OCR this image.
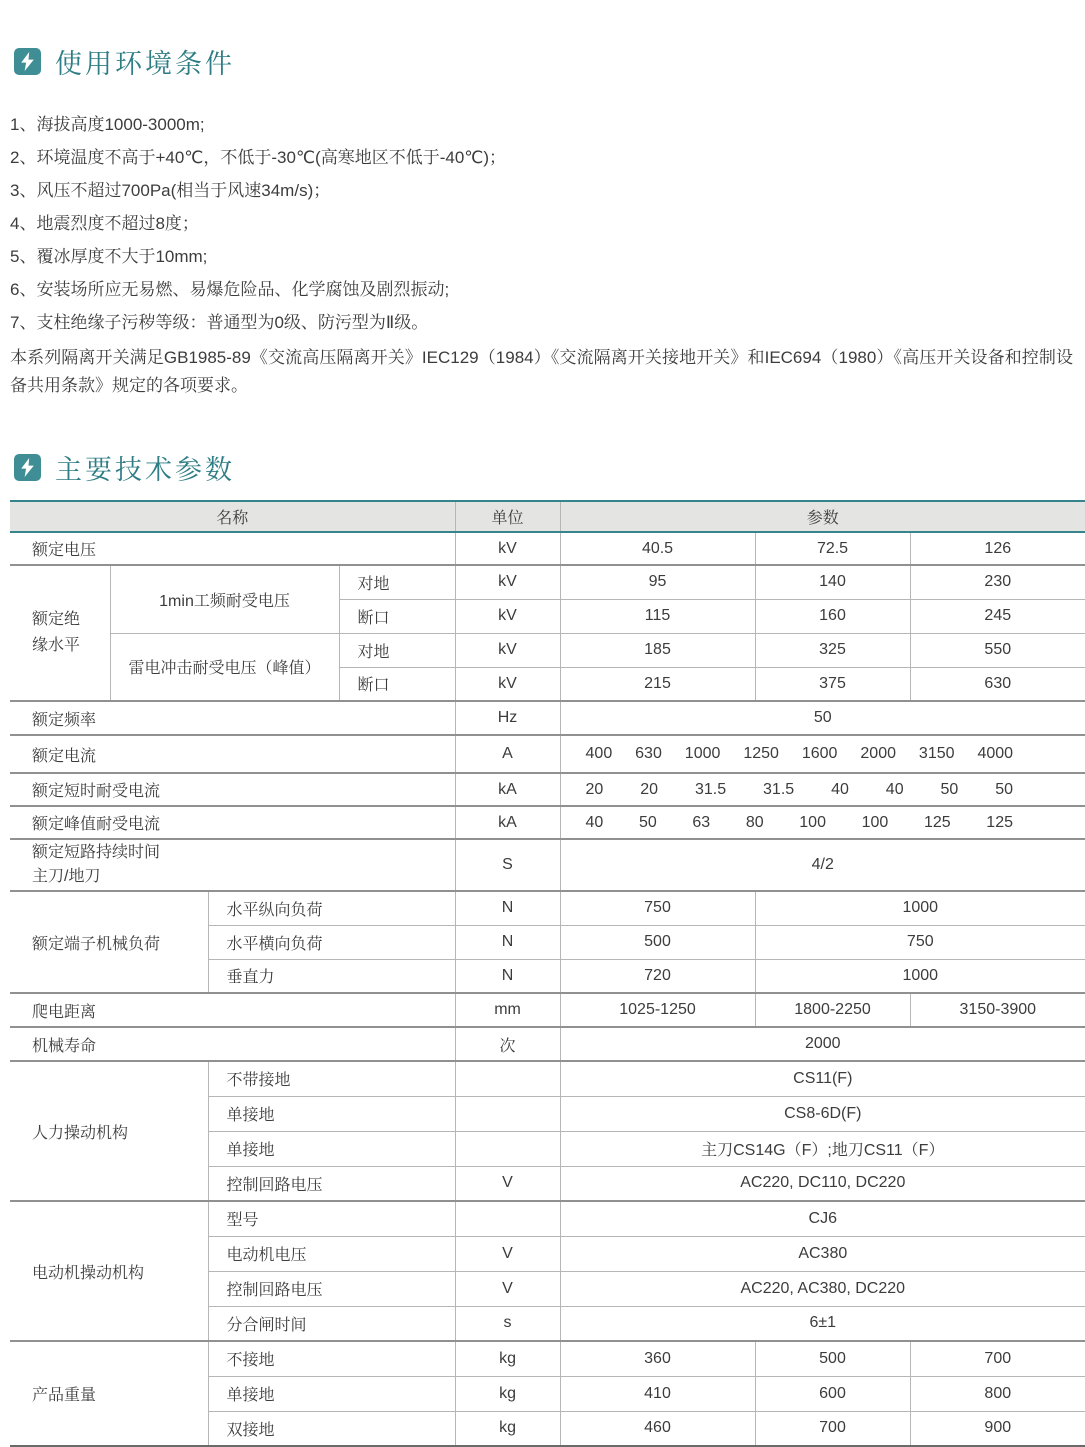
使用环境条件
1、海拔高度1000-3000m;
2、环境温度不高于+40℃，不低于-30℃(高寒地区不低于-40℃)；
3、风压不超过700Pa(相当于风速34m/s)；
4、地震烈度不超过8度；
5、覆冰厚度不大于10mm;
6、安装场所应无易燃、易爆危险品、化学腐蚀及剧烈振动;
7、支柱绝缘子污秽等级：普通型为0级、防污型为Ⅱ级。

本系列隔离开关满足GB1985-89《交流高压隔离开关》IEC129（1984）《交流隔离开关接地开关》和IEC694（1980）《高压开关设备和控制设备共用条款》规定的各项要求。

主要技术参数
名称				单位	参数		
额定电压				kV	40.5	72.5	126
额定绝缘水平	1min工频耐受电压		对地	kV	95	140	230
			断口	kV	115	160	245
	雷电冲击耐受电压（峰值）		对地	kV	185	325	550
			断口	kV	215	375	630
额定频率				Hz	50		
额定电流	A	400 630 1000 1250 1600 2000 3150 4000

额定短时耐受电流	kA	20 20 31.5 31.5 40 40 50 50

额定峰值耐受电流	kA	40 50 63 80 100 100 125 125

额定短路持续时间
主刀/地刀				S	4/2		
额定端子机械负荷		水平纵向负荷		N	750	1000	
		水平横向负荷		N	500	750	
		垂直力		N	720	1000	
爬电距离				mm	1025-1250	1800-2250	3150-3900
机械寿命				次	2000		
人力操动机构		不带接地			CS11(F)		
		单接地			CS8-6D(F)		
		单接地			主刀CS14G（F）;地刀CS11（F）		
		控制回路电压		V	AC220, DC110, DC220		
电动机操动机构		型号			CJ6		
		电动机电压		V	AC380		
		控制回路电压		V	AC220, AC380, DC220		
		分合闸时间		s	6±1		
产品重量		不接地		kg	360	500	700
		单接地		kg	410	600	800
		双接地		kg	460	700	900
